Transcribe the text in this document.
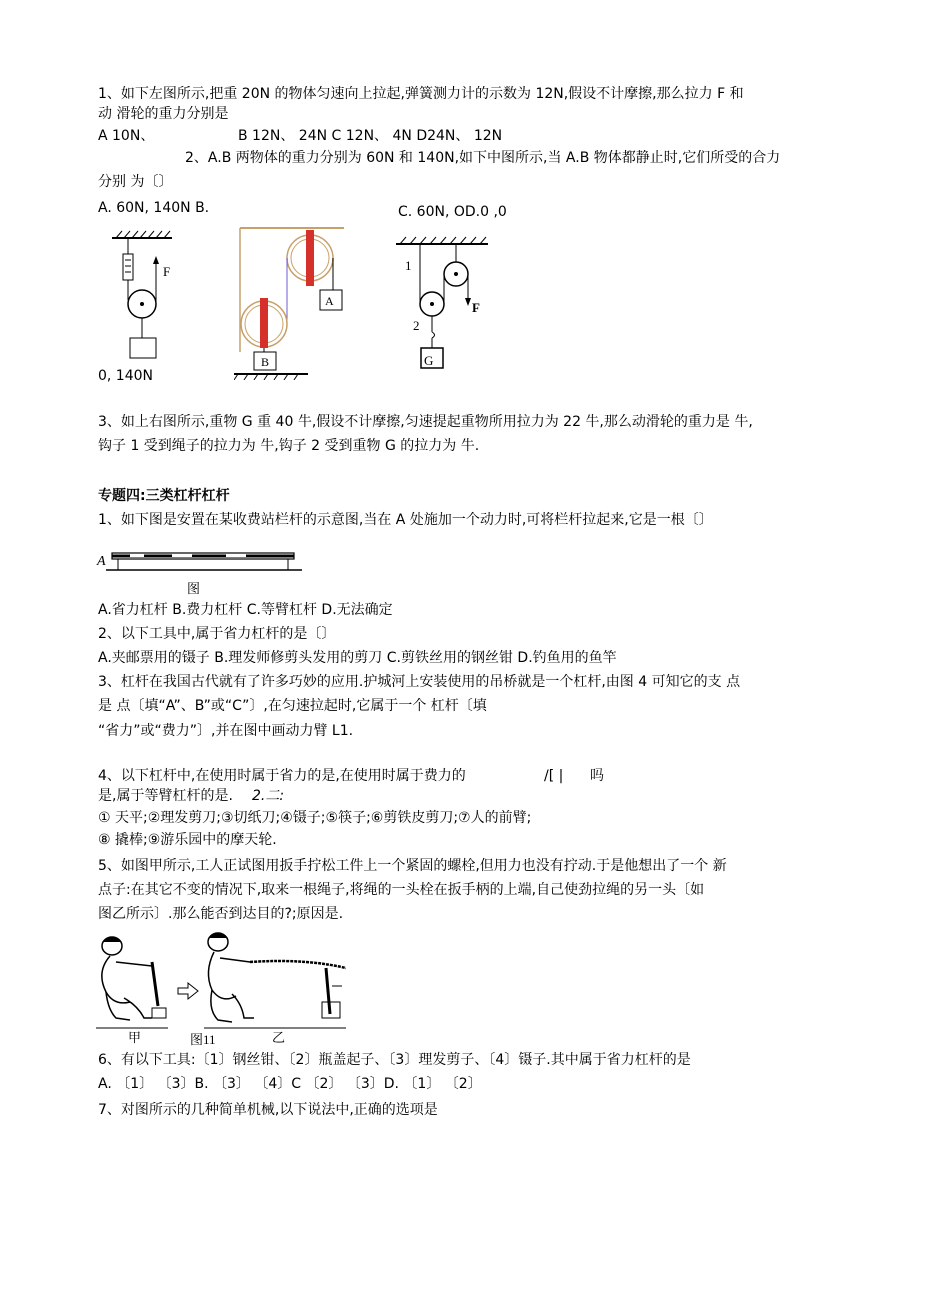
1、如下左图所示,把重 20N 的物体匀速向上拉起,弹簧测力计的示数为 12N,假设不计摩擦,那么拉力 F 和
动 滑轮的重力分别是
A 10N、	B 12N、 24N C 12N、 4N D24N、 12N
2、A.B 两物体的重力分别为 60N 和 140N,如下中图所示,当 A.B 物体都静止时,它们所受的合力
分别 为〔〕
A. 60N, 140N B.	C. 60N, OD.0 ,0
0, 140N
F
A
B
1
2
F
G
3、如上右图所示,重物 G 重 40 牛,假设不计摩擦,匀速提起重物所用拉力为 22 牛,那么动滑轮的重力是 牛,
钩子 1 受到绳子的拉力为 牛,钩子 2 受到重物 G 的拉力为 牛.
专题四:三类杠杆杠杆
1、如下图是安置在某收费站栏杆的示意图,当在 A 处施加一个动力时,可将栏杆拉起来,它是一根〔〕
A
图
A.省力杠杆 B.费力杠杆 C.等臂杠杆 D.无法确定
2、以下工具中,属于省力杠杆的是〔〕
A.夹邮票用的镊子 B.理发师修剪头发用的剪刀 C.剪铁丝用的钢丝钳 D.钓鱼用的鱼竿
3、杠杆在我国古代就有了许多巧妙的应用.护城河上安装使用的吊桥就是一个杠杆,由图 4 可知它的支 点
是 点〔填“A”、B”或“C”〕,在匀速拉起时,它属于一个 杠杆〔填
“省力”或“费力”〕,并在图中画动力臂 L1.
4、以下杠杆中,在使用时属于省力的是,在使用时属于费力的	/[ | 吗
是,属于等臂杠杆的是. 2.二:
① 天平;②理发剪刀;③切纸刀;④镊子;⑤筷子;⑥剪铁皮剪刀;⑦人的前臂;
⑧ 撬棒;⑨游乐园中的摩天轮.
5、如图甲所示,工人正试图用扳手拧松工件上一个紧固的螺栓,但用力也没有拧动.于是他想出了一个 新
点子:在其它不变的情况下,取来一根绳子,将绳的一头栓在扳手柄的上端,自己使劲拉绳的另一头〔如
图乙所示〕.那么能否到达目的?;原因是.
甲	图11	乙
6、有以下工具:〔1〕钢丝钳、〔2〕瓶盖起子、〔3〕理发剪子、〔4〕镊子.其中属于省力杠杆的是
A. 〔1〕 〔3〕B. 〔3〕 〔4〕C 〔2〕 〔3〕D. 〔1〕 〔2〕
7、对图所示的几种简单机械,以下说法中,正确的选项是
